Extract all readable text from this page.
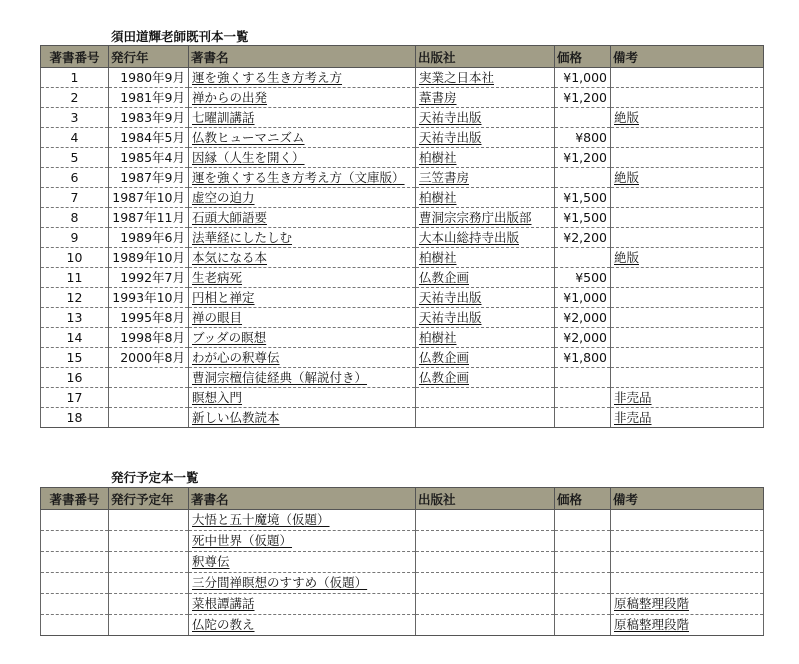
須田道輝老師既刊本一覧
著書番号	発行年	著書名	出版社	価格	備考
1	1980年9月	運を強くする生き方考え方	実業之日本社	¥1,000	
2	1981年9月	禅からの出発	葦書房	¥1,200	
3	1983年9月	七曜訓講話	天祐寺出版		絶版
4	1984年5月	仏教ヒューマニズム	天祐寺出版	¥800	
5	1985年4月	因縁（人生を開く）	柏樹社	¥1,200	
6	1987年9月	運を強くする生き方考え方（文庫版）	三笠書房		絶版
7	1987年10月	虚空の迫力	柏樹社	¥1,500	
8	1987年11月	石頭大師語要	曹洞宗宗務庁出版部	¥1,500	
9	1989年6月	法華経にしたしむ	大本山総持寺出版	¥2,200	
10	1989年10月	本気になる本	柏樹社		絶版
11	1992年7月	生老病死	仏教企画	¥500	
12	1993年10月	円相と禅定	天祐寺出版	¥1,000	
13	1995年8月	禅の眼目	天祐寺出版	¥2,000	
14	1998年8月	ブッダの瞑想	柏樹社	¥2,000	
15	2000年8月	わが心の釈尊伝	仏教企画	¥1,800	
16		曹洞宗檀信徒経典（解説付き）	仏教企画		
17		瞑想入門			非売品
18		新しい仏教読本			非売品
発行予定本一覧
著書番号	発行予定年	著書名	出版社	価格	備考
		大悟と五十魔境（仮題）			
		死中世界（仮題）			
		釈尊伝			
		三分間禅瞑想のすすめ（仮題）			
		菜根譚講話			原稿整理段階
		仏陀の教え			原稿整理段階
